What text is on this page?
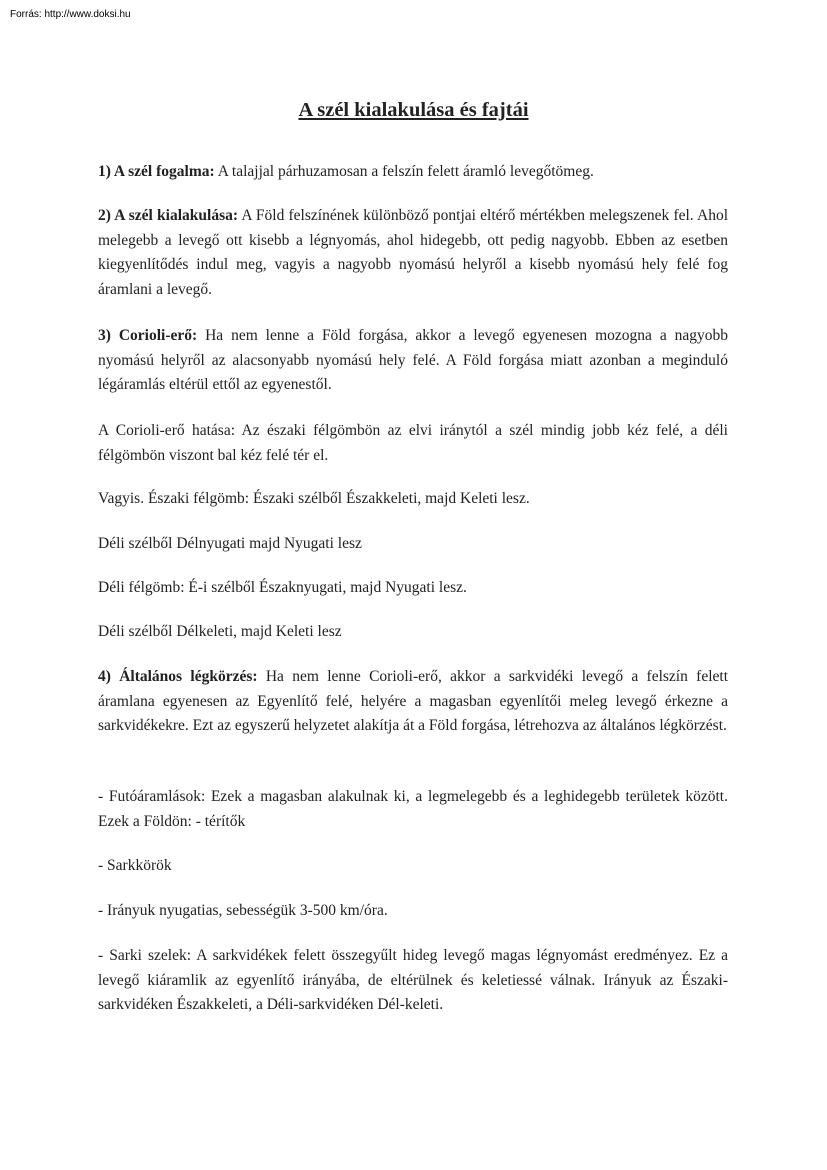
Forrás: http://www.doksi.hu
A szél kialakulása és fajtái

1) A szél fogalma: A talajjal párhuzamosan a felszín felett áramló levegőtömeg.

2) A szél kialakulása: A Föld felszínének különböző pontjai eltérő mértékben melegszenek fel. Ahol melegebb a levegő ott kisebb a légnyomás, ahol hidegebb, ott pedig nagyobb. Ebben az esetben kiegyenlítődés indul meg, vagyis a nagyobb nyomású helyről a kisebb nyomású hely felé fog áramlani a levegő.

3) Corioli-erő: Ha nem lenne a Föld forgása, akkor a levegő egyenesen mozogna a nagyobb nyomású helyről az alacsonyabb nyomású hely felé. A Föld forgása miatt azonban a meginduló légáramlás eltérül ettől az egyenestől.

A Corioli-erő hatása: Az északi félgömbön az elvi iránytól a szél mindig jobb kéz felé, a déli félgömbön viszont bal kéz felé tér el.

Vagyis. Északi félgömb: Északi szélből Északkeleti, majd Keleti lesz.

Déli szélből Délnyugati majd Nyugati lesz

Déli félgömb: É-i szélből Északnyugati, majd Nyugati lesz.

Déli szélből Délkeleti, majd Keleti lesz

4) Általános légkörzés: Ha nem lenne Corioli-erő, akkor a sarkvidéki levegő a felszín felett áramlana egyenesen az Egyenlítő felé, helyére a magasban egyenlítői meleg levegő érkezne a sarkvidékekre. Ezt az egyszerű helyzetet alakítja át a Föld forgása, létrehozva az általános légkörzést.

- Futóáramlások: Ezek a magasban alakulnak ki, a legmelegebb és a leghidegebb területek között. Ezek a Földön: - térítők

- Sarkkörök

- Irányuk nyugatias, sebességük 3-500 km/óra.

- Sarki szelek: A sarkvidékek felett összegyűlt hideg levegő magas légnyomást eredményez. Ez a levegő kiáramlik az egyenlítő irányába, de eltérülnek és keletiessé válnak. Irányuk az Északi-sarkvidéken Északkeleti, a Déli-sarkvidéken Dél-keleti.
